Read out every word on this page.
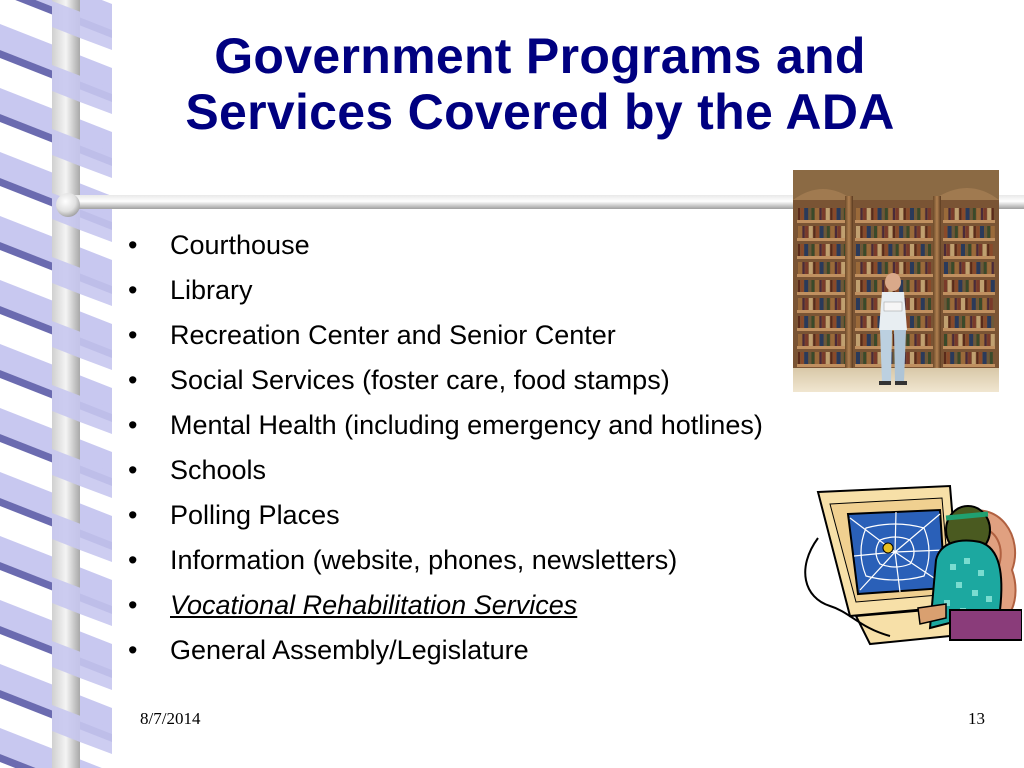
Government Programs and
Services Covered by the ADA
•	Courthouse
•	Library
•	Recreation Center and Senior Center
•	Social Services (foster care, food stamps)
•	Mental Health (including emergency and hotlines)
•	Schools
•	Polling Places
•	Information (website, phones, newsletters)
•	Vocational Rehabilitation Services
•	General Assembly/Legislature
8/7/2014	13
